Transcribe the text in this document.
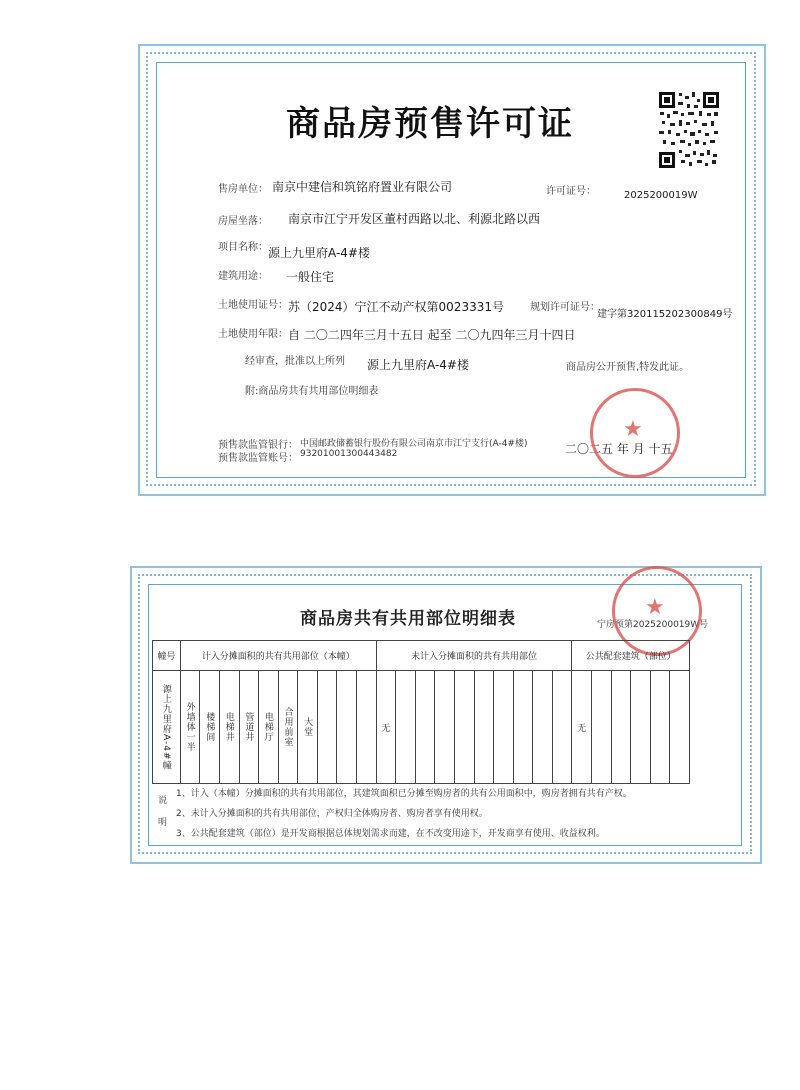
商品房预售许可证
售房单位： 南京中建信和筑铭府置业有限公司	许可证号：	2025200019W
房屋坐落： 南京市江宁开发区董村西路以北、利源北路以西
项目名称： 源上九里府A-4#楼
建筑用途： 一般住宅
土地使用证号： 苏（2024）宁江不动产权第0023331号	规划许可证号：
建字第320115202300849号
土地使用年限： 自 二〇二四年三月十五日 起至 二〇九四年三月十四日
经审查，批准以上所列 源上九里府A-4#楼	商品房公开预售,特发此证。
附:商品房共有共用部位明细表
预售款监管银行： 中国邮政储蓄银行股份有限公司南京市江宁支行(A-4#楼)
预售款监管账号： 93201001300443482	二〇二五 年 月 十五
★
商品房共有共用部位明细表	宁房预第2025200019W号
★
幢号	计入分摊面积的共有共用部位（本幢）										未计入分摊面积的共有共用部位										公共配套建筑（部位）					

源上九里府A-4#幢	外墙体一半	楼梯间	电梯井	管道井	电梯厅	合用前室	大堂				无										无					
说明
1、计入（本幢）分摊面积的共有共用部位，其建筑面积已分摊至购房者的共有公用面积中，购房者拥有共有产权。
2、未计入分摊面积的共有共用部位，产权归全体购房者、购房者享有使用权。
3、公共配套建筑（部位）是开发商根据总体规划需求而建，在不改变用途下，开发商享有使用、收益权利。
